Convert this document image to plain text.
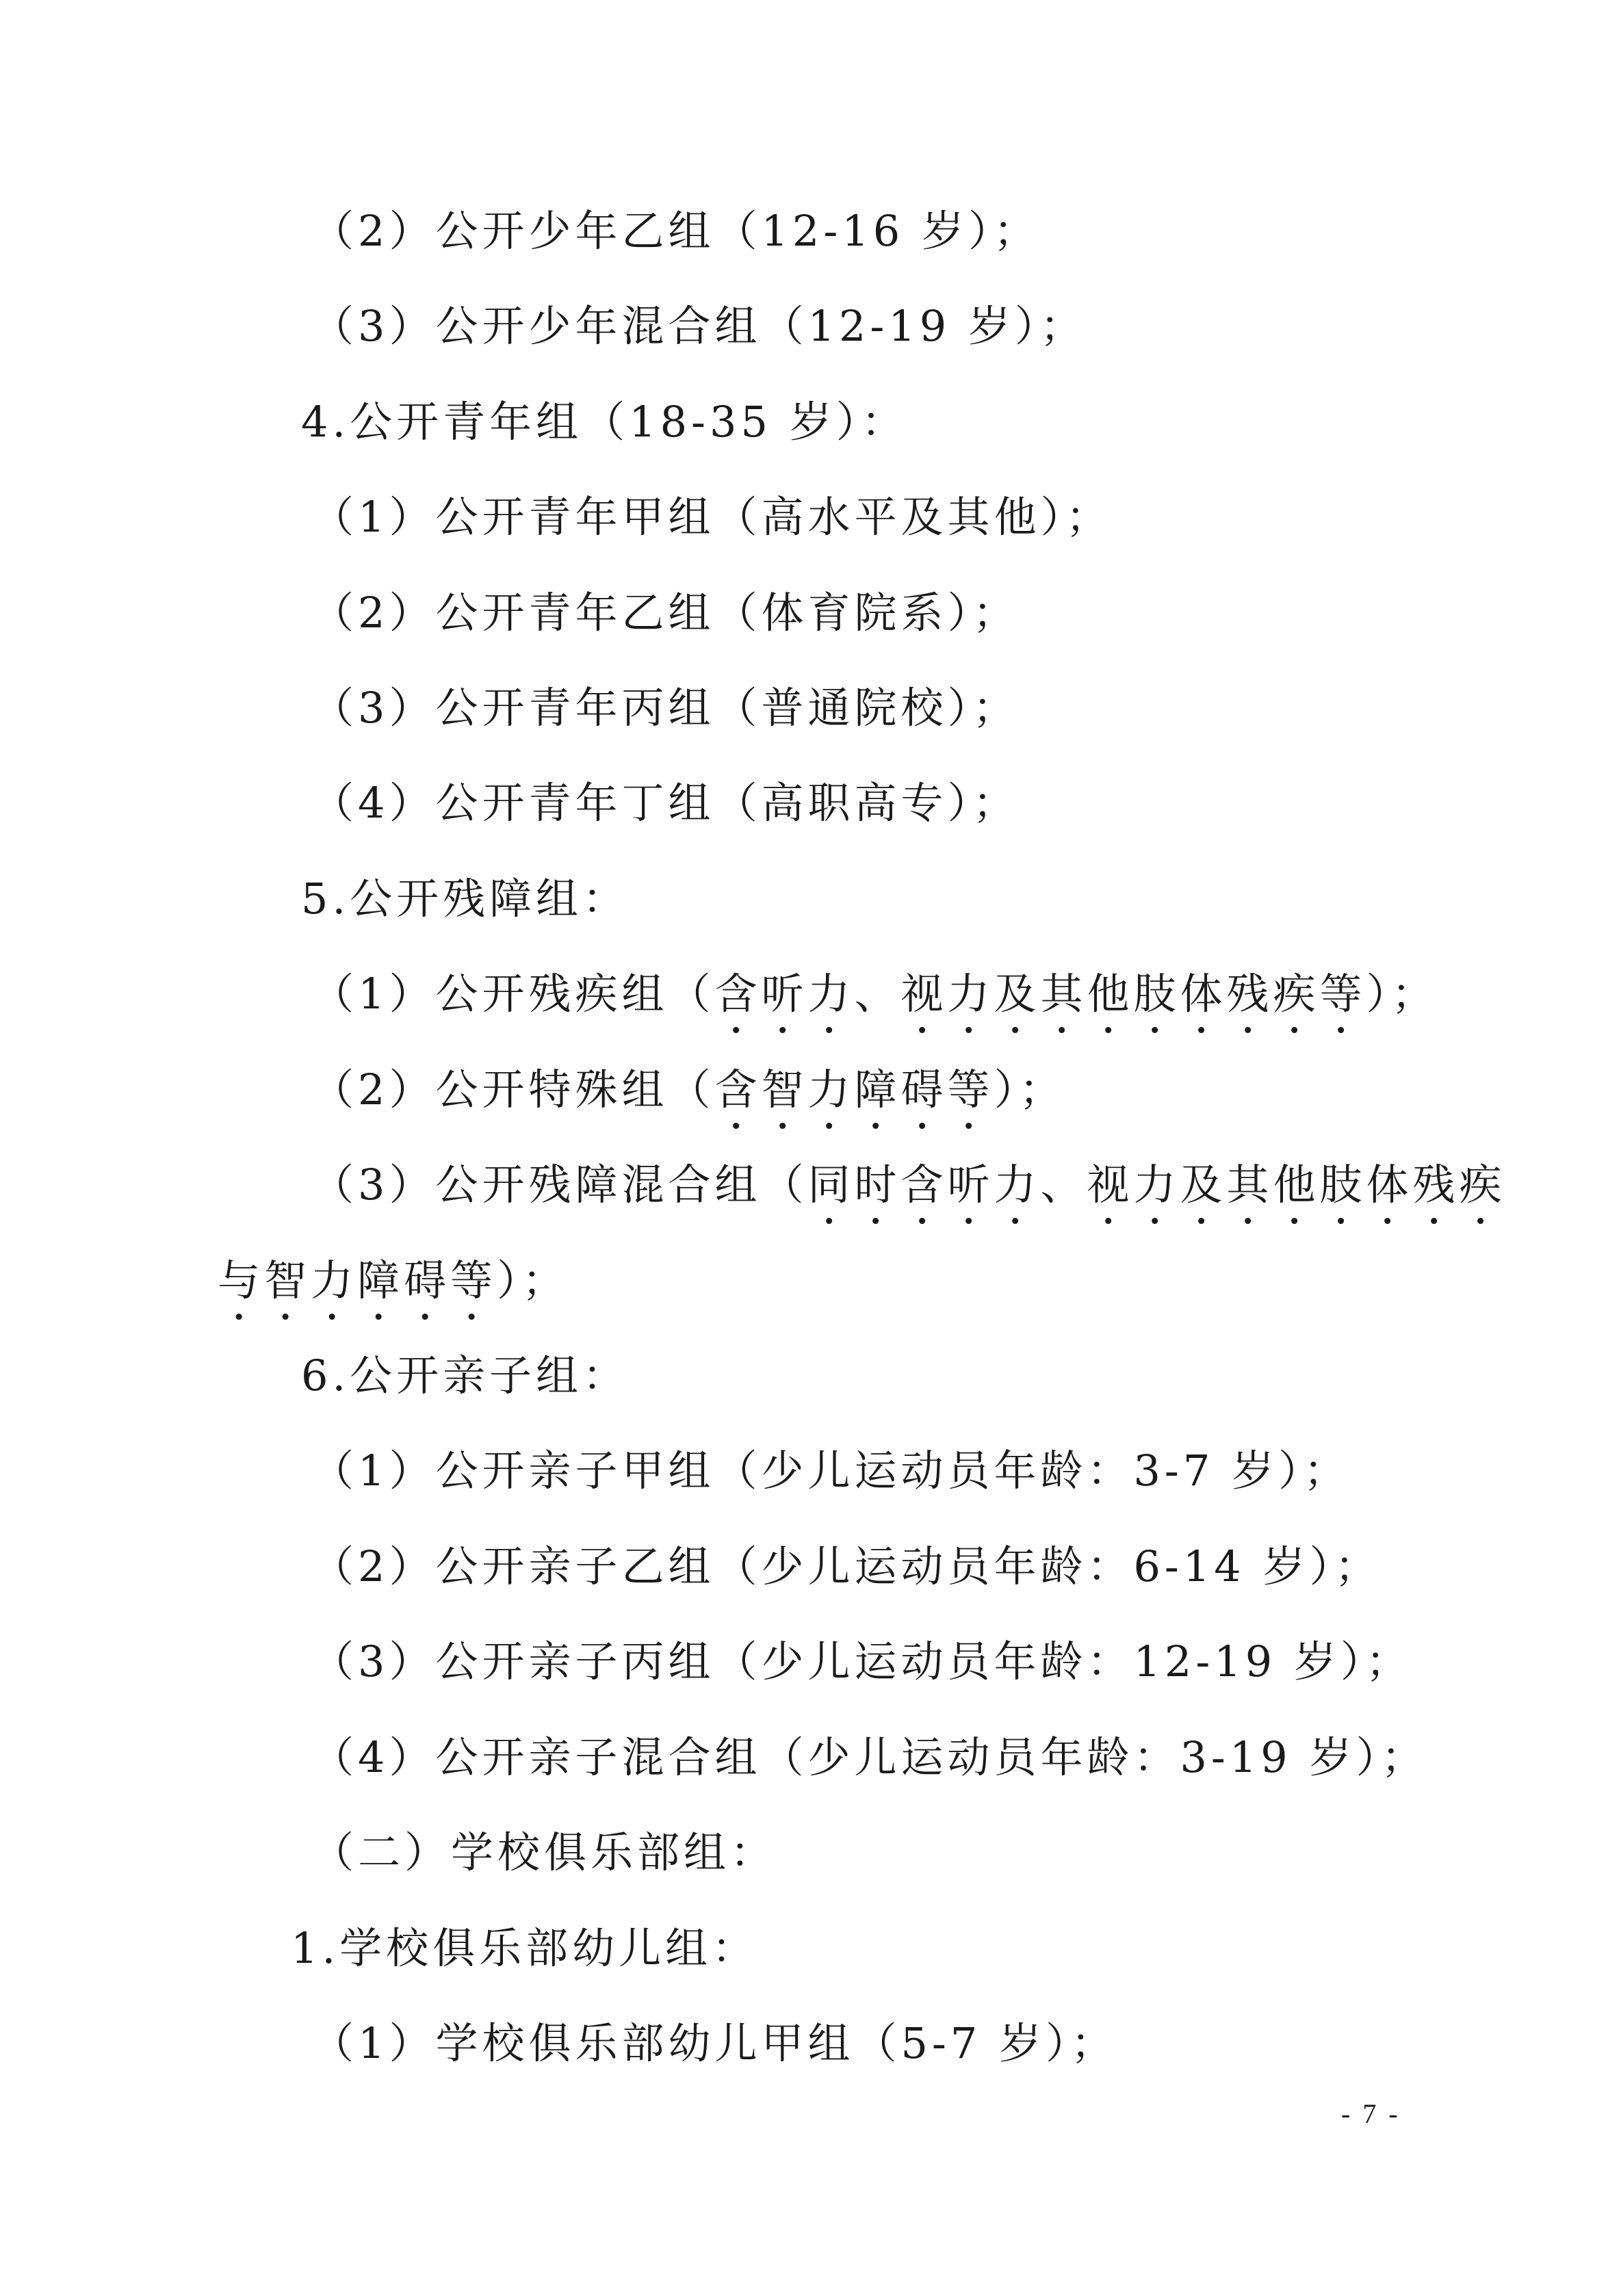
（2）公开少年乙组（12-16 岁）；
（3）公开少年混合组（12-19 岁）；
4.公开青年组（18-35 岁）：
（1）公开青年甲组（高水平及其他）；
（2）公开青年乙组（体育院系）；
（3）公开青年丙组（普通院校）；
（4）公开青年丁组（高职高专）；
5.公开残障组：
（1）公开残疾组（含听力、视力及其他肢体残疾等）；
（2）公开特殊组（含智力障碍等）；
（3）公开残障混合组（同时含听力、视力及其他肢体残疾
与智力障碍等）；
6.公开亲子组：
（1）公开亲子甲组（少儿运动员年龄：3-7 岁）；
（2）公开亲子乙组（少儿运动员年龄：6-14 岁）；
（3）公开亲子丙组（少儿运动员年龄：12-19 岁）；
（4）公开亲子混合组（少儿运动员年龄：3-19 岁）；
（二）学校俱乐部组：
1.学校俱乐部幼儿组：
（1）学校俱乐部幼儿甲组（5-7 岁）；
- 7 -
